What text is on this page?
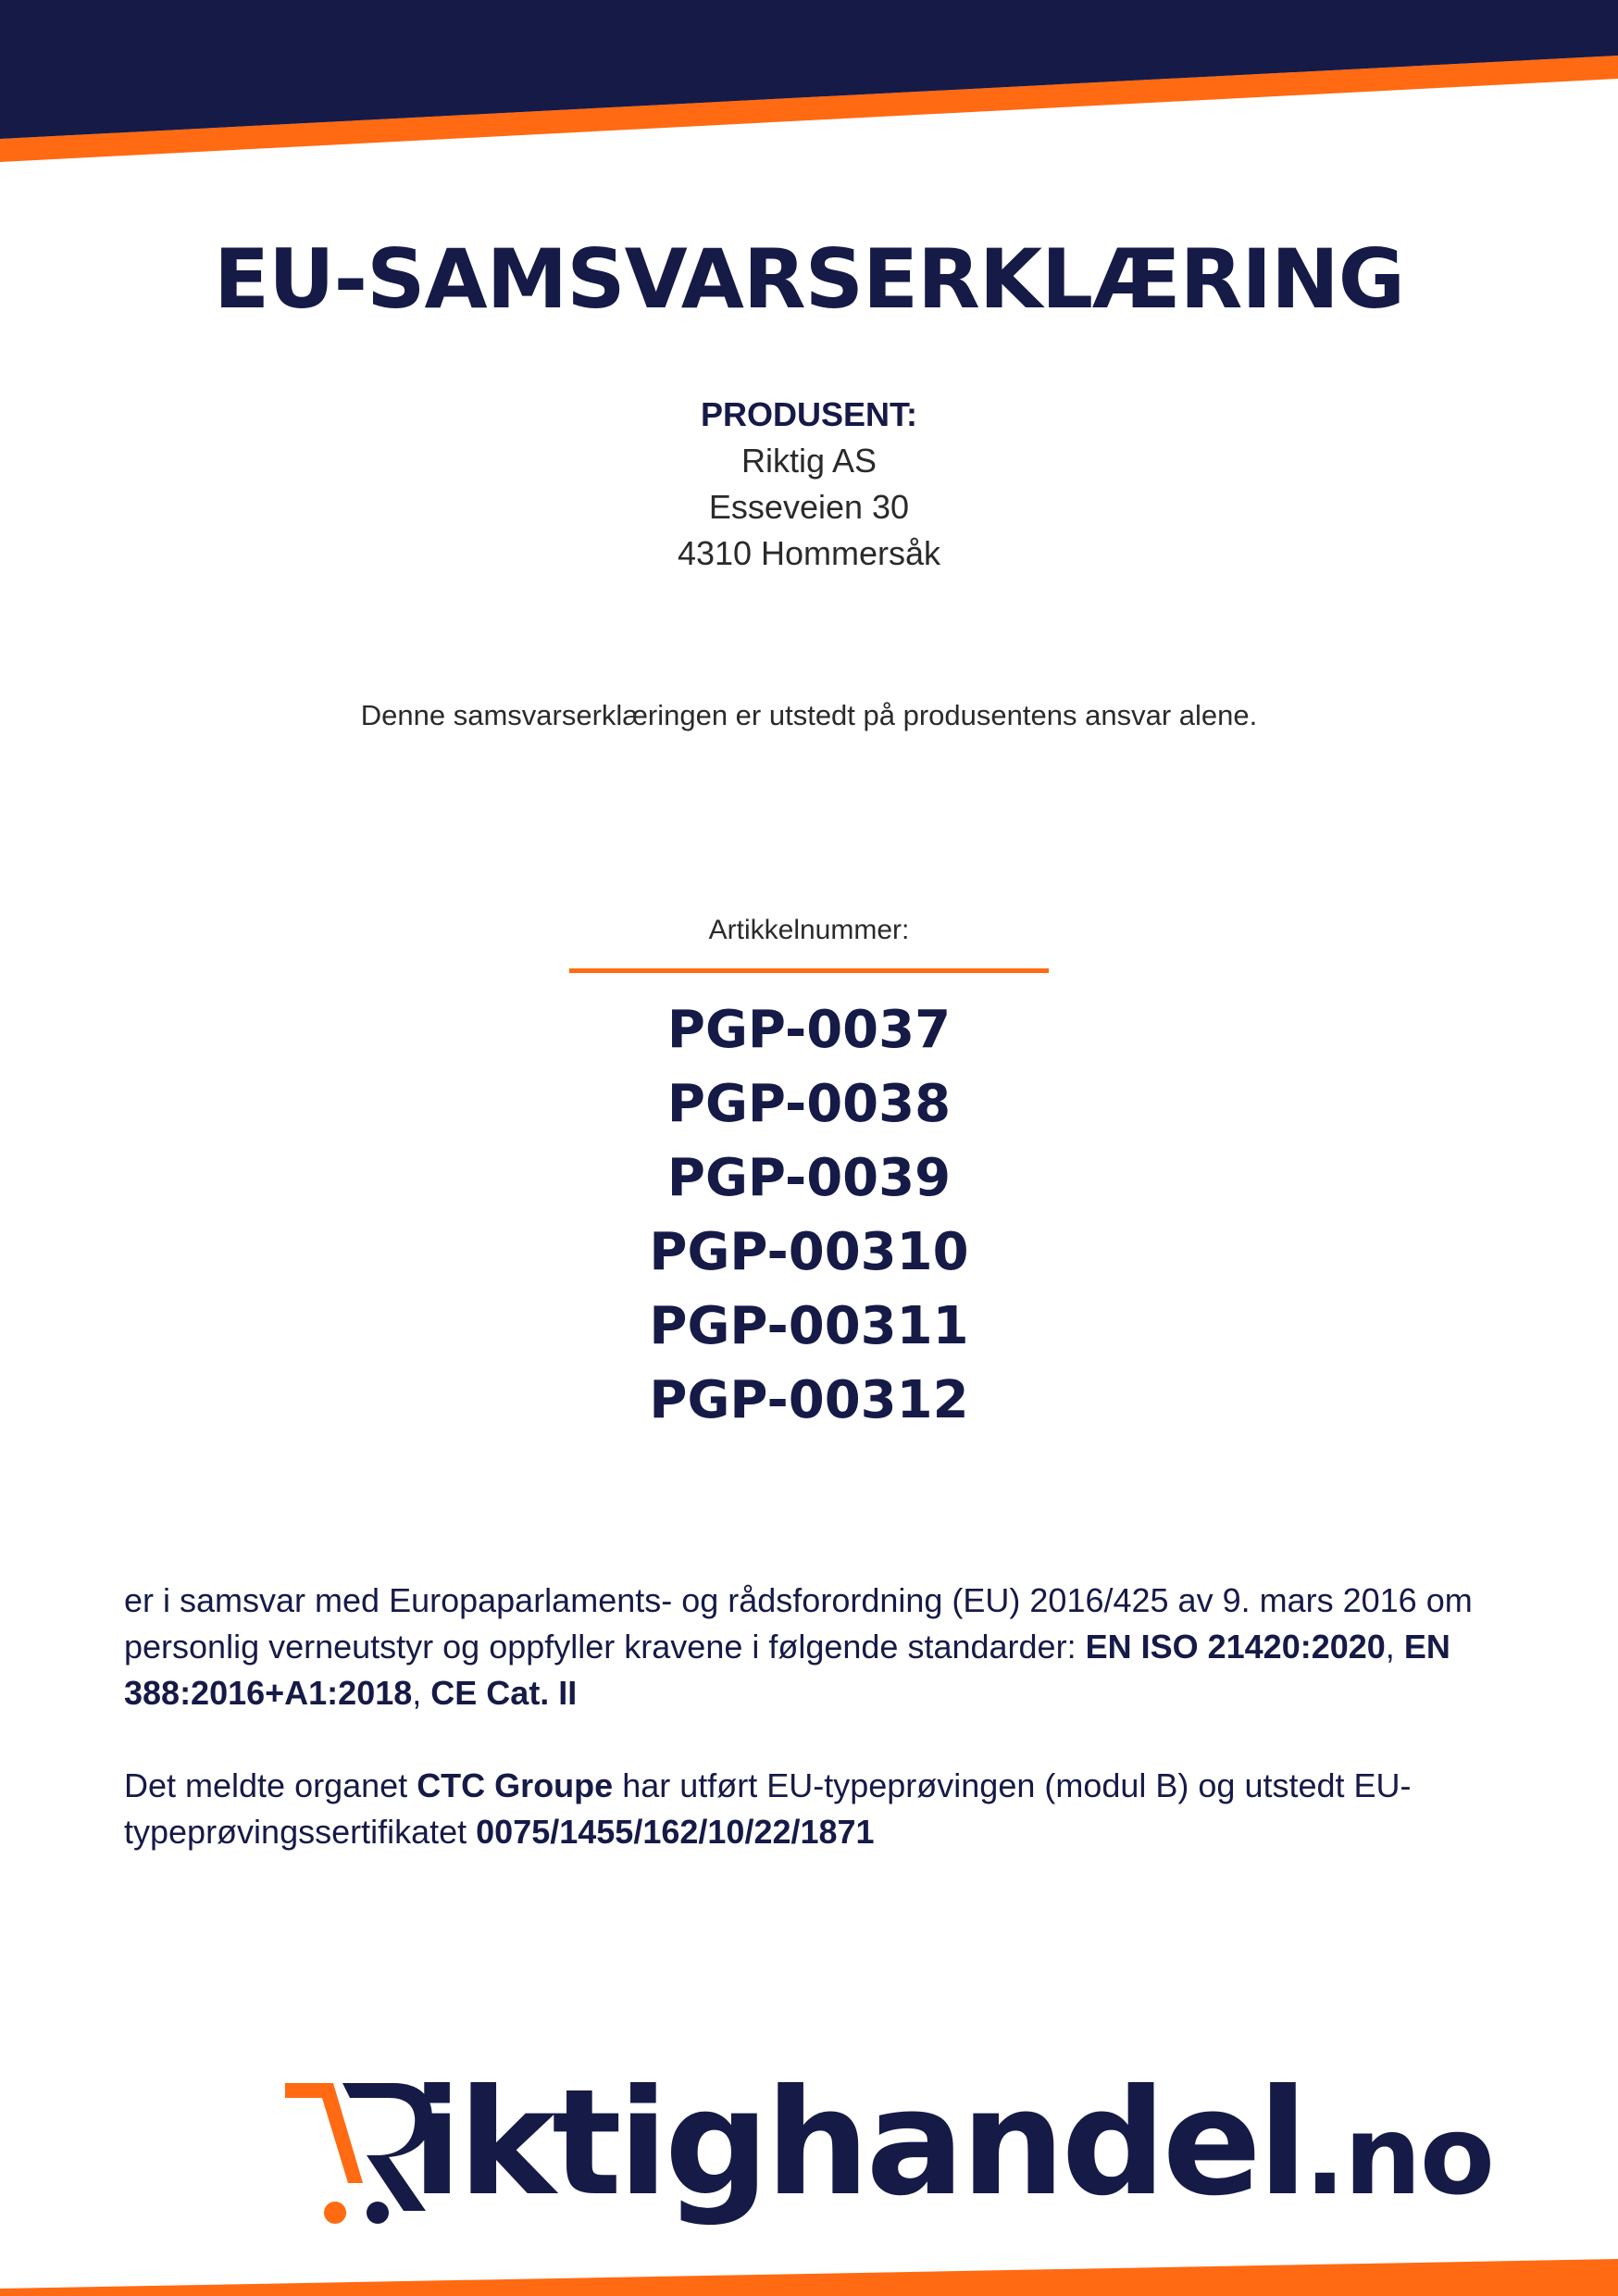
EU-SAMSVARSERKLÆRING
PRODUSENT:
Riktig AS
Esseveien 30
4310 Hommersåk
Denne samsvarserklæringen er utstedt på produsentens ansvar alene.
Artikkelnummer:
PGP-0037
PGP-0038
PGP-0039
PGP-00310
PGP-00311
PGP-00312

er i samsvar med Europaparlaments- og rådsforordning (EU) 2016/425 av 9. mars 2016 om personlig verneutstyr og oppfyller kravene i følgende standarder: EN ISO 21420:2020, EN 388:2016+A1:2018, CE Cat. II

Det meldte organet CTC Groupe har utført EU-typeprøvingen (modul B) og utstedt EU-typeprøvingssertifikatet 0075/1455/162/10/22/1871

iktighandel.no
